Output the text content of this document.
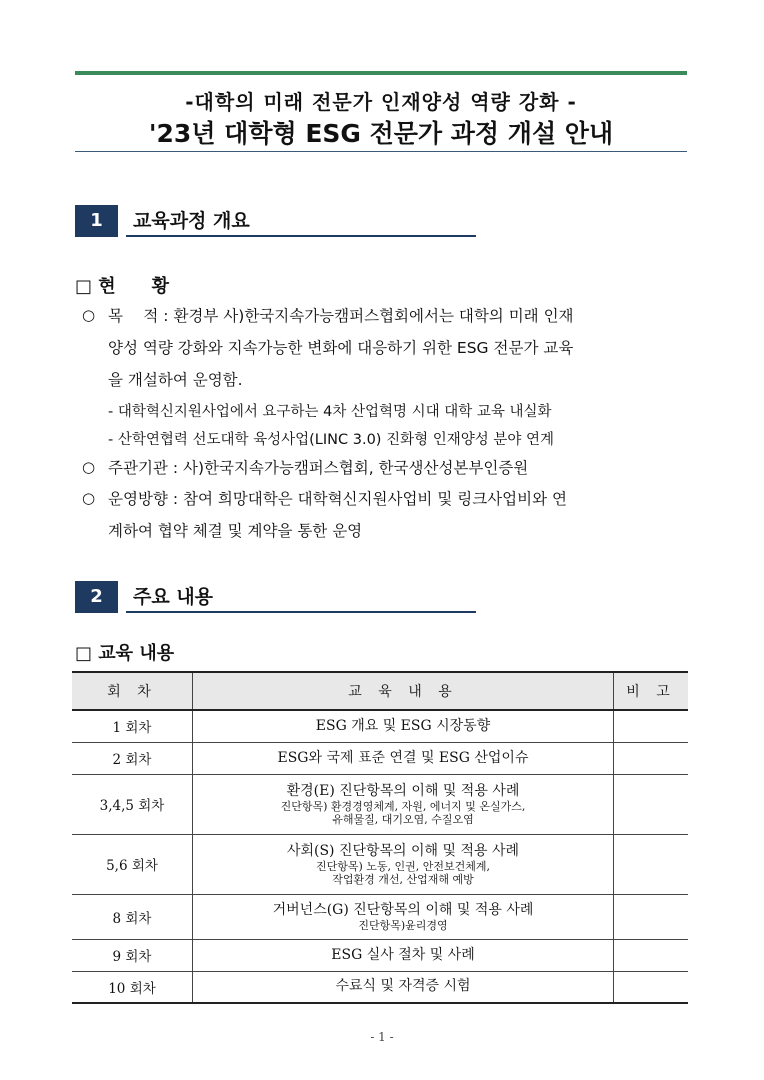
-대학의 미래 전문가 인재양성 역량 강화 -
'23년 대학형 ESG 전문가 과정 개설 안내
1	교육과정 개요
□ 현　　황
○ 목　 적 : 환경부 사)한국지속가능캠퍼스협회에서는 대학의 미래 인재
양성 역량 강화와 지속가능한 변화에 대응하기 위한 ESG 전문가 교육
을 개설하여 운영함.
- 대학혁신지원사업에서 요구하는 4차 산업혁명 시대 대학 교육 내실화
- 산학연협력 선도대학 육성사업(LINC 3.0) 진화형 인재양성 분야 연계
○ 주관기관 : 사)한국지속가능캠퍼스협회, 한국생산성본부인증원
○ 운영방향 : 참여 희망대학은 대학혁신지원사업비 및 링크사업비와 연
계하여 협약 체결 및 계약을 통한 운영
2	주요 내용
□ 교육 내용
회 차	교 육 내 용	비 고
1 회차	ESG 개요 및 ESG 시장동향	

2 회차	ESG와 국제 표준 연결 및 ESG 산업이슈	

3,4,5 회차	환경(E) 진단항목의 이해 및 적용 사례
진단항목) 환경경영체계, 자원, 에너지 및 온실가스,
유해물질, 대기오염, 수질오염	

5,6 회차	사회(S) 진단항목의 이해 및 적용 사례
진단항목) 노동, 인권, 안전보건체계,
작업환경 개선, 산업재해 예방	

8 회차	거버넌스(G) 진단항목의 이해 및 적용 사례
진단항목)윤리경영	

9 회차	ESG 실사 절차 및 사례	

10 회차	수료식 및 자격증 시험	

- 1 -
